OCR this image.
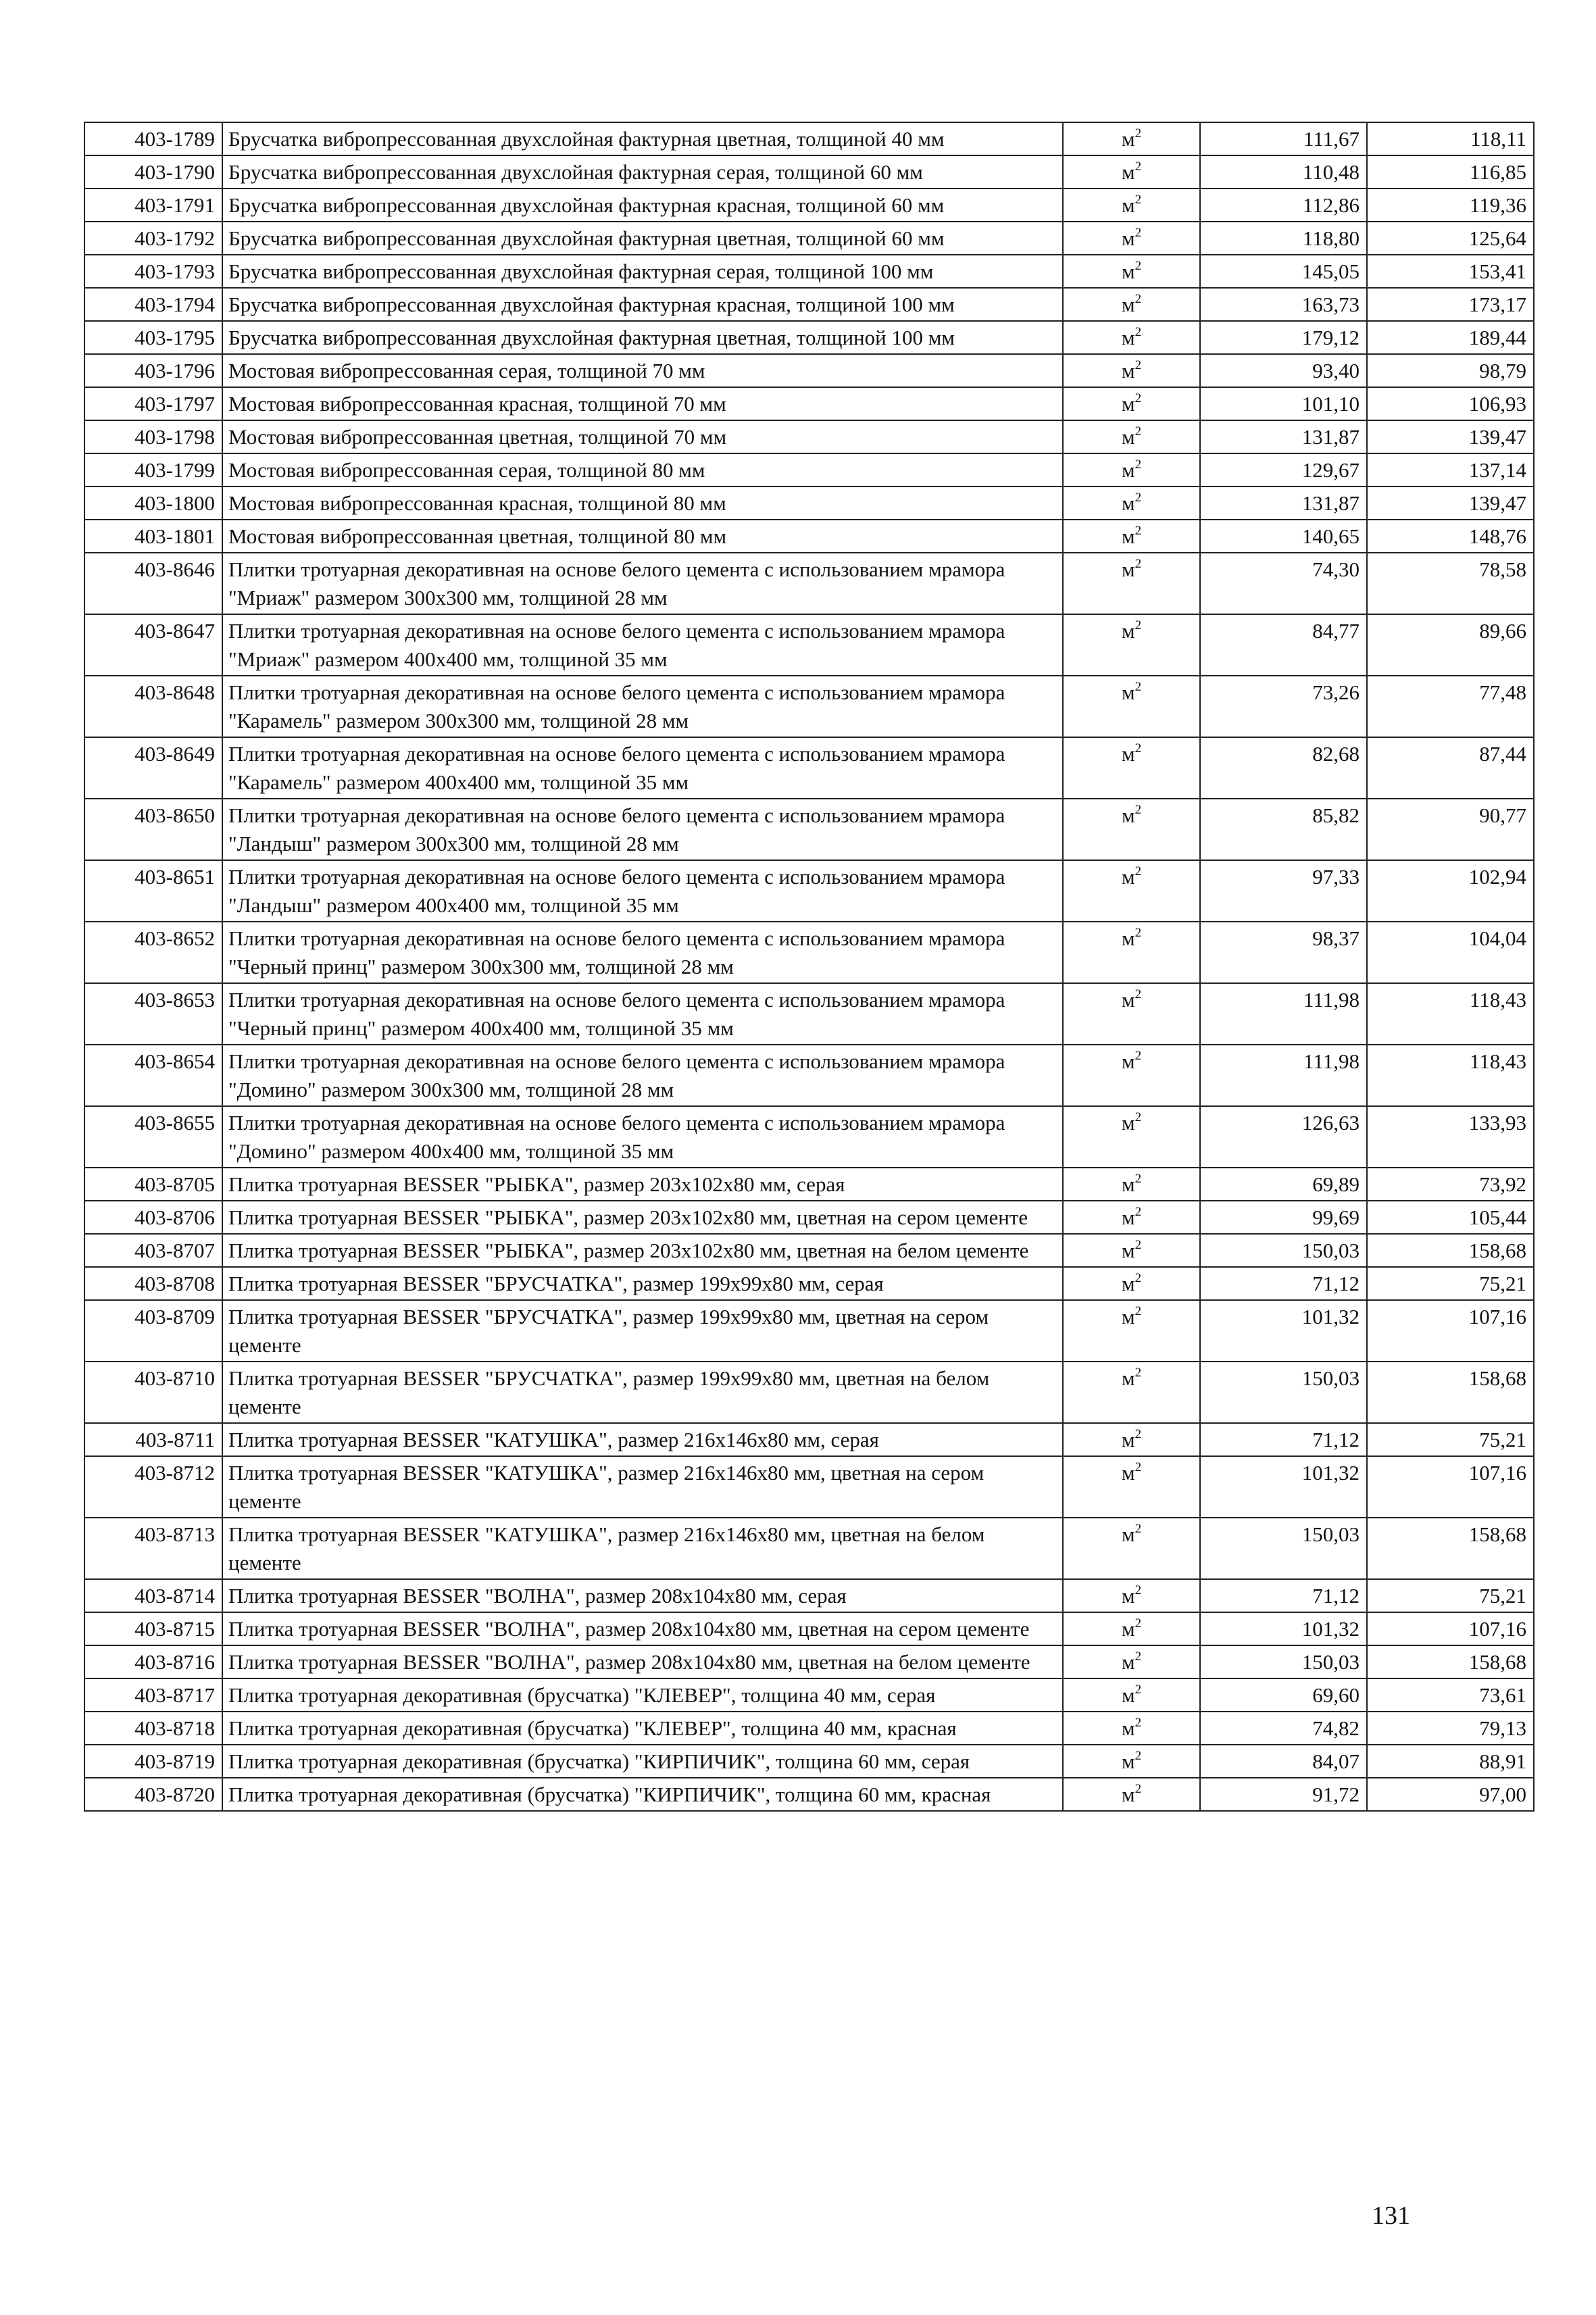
403-1789	Брусчатка вибропрессованная двухслойная фактурная цветная, толщиной 40 мм	$м^2$	111,67	118,11
403-1790	Брусчатка вибропрессованная двухслойная фактурная серая, толщиной 60 мм	$м^2$	110,48	116,85
403-1791	Брусчатка вибропрессованная двухслойная фактурная красная, толщиной 60 мм	$м^2$	112,86	119,36
403-1792	Брусчатка вибропрессованная двухслойная фактурная цветная, толщиной 60 мм	$м^2$	118,80	125,64
403-1793	Брусчатка вибропрессованная двухслойная фактурная серая, толщиной 100 мм	$м^2$	145,05	153,41
403-1794	Брусчатка вибропрессованная двухслойная фактурная красная, толщиной 100 мм	$м^2$	163,73	173,17
403-1795	Брусчатка вибропрессованная двухслойная фактурная цветная, толщиной 100 мм	$м^2$	179,12	189,44
403-1796	Мостовая вибропрессованная серая, толщиной 70 мм	$м^2$	93,40	98,79
403-1797	Мостовая вибропрессованная красная, толщиной 70 мм	$м^2$	101,10	106,93
403-1798	Мостовая вибропрессованная цветная, толщиной 70 мм	$м^2$	131,87	139,47
403-1799	Мостовая вибропрессованная серая, толщиной 80 мм	$м^2$	129,67	137,14
403-1800	Мостовая вибропрессованная красная, толщиной 80 мм	$м^2$	131,87	139,47
403-1801	Мостовая вибропрессованная цветная, толщиной 80 мм	$м^2$	140,65	148,76
403-8646	Плитки тротуарная декоративная на основе белого цемента с использованием мрамора "Мриаж" размером 300х300 мм, толщиной 28 мм	$м^2$	74,30	78,58
403-8647	Плитки тротуарная декоративная на основе белого цемента с использованием мрамора "Мриаж" размером 400х400 мм, толщиной 35 мм	$м^2$	84,77	89,66
403-8648	Плитки тротуарная декоративная на основе белого цемента с использованием мрамора "Карамель" размером 300х300 мм, толщиной 28 мм	$м^2$	73,26	77,48
403-8649	Плитки тротуарная декоративная на основе белого цемента с использованием мрамора "Карамель" размером 400х400 мм, толщиной 35 мм	$м^2$	82,68	87,44
403-8650	Плитки тротуарная декоративная на основе белого цемента с использованием мрамора "Ландыш" размером 300х300 мм, толщиной 28 мм	$м^2$	85,82	90,77
403-8651	Плитки тротуарная декоративная на основе белого цемента с использованием мрамора "Ландыш" размером 400х400 мм, толщиной 35 мм	$м^2$	97,33	102,94
403-8652	Плитки тротуарная декоративная на основе белого цемента с использованием мрамора "Черный принц" размером 300х300 мм, толщиной 28 мм	$м^2$	98,37	104,04
403-8653	Плитки тротуарная декоративная на основе белого цемента с использованием мрамора "Черный принц" размером 400х400 мм, толщиной 35 мм	$м^2$	111,98	118,43
403-8654	Плитки тротуарная декоративная на основе белого цемента с использованием мрамора "Домино" размером 300х300 мм, толщиной 28 мм	$м^2$	111,98	118,43
403-8655	Плитки тротуарная декоративная на основе белого цемента с использованием мрамора "Домино" размером 400х400 мм, толщиной 35 мм	$м^2$	126,63	133,93
403-8705	Плитка тротуарная BESSER "РЫБКА", размер 203х102х80 мм, серая	$м^2$	69,89	73,92
403-8706	Плитка тротуарная BESSER "РЫБКА", размер 203х102х80 мм, цветная на сером цементе	$м^2$	99,69	105,44
403-8707	Плитка тротуарная BESSER "РЫБКА", размер 203х102х80 мм, цветная на белом цементе	$м^2$	150,03	158,68
403-8708	Плитка тротуарная BESSER "БРУСЧАТКА", размер 199х99х80 мм, серая	$м^2$	71,12	75,21
403-8709	Плитка тротуарная BESSER "БРУСЧАТКА", размер 199х99х80 мм, цветная на сером цементе	$м^2$	101,32	107,16
403-8710	Плитка тротуарная BESSER "БРУСЧАТКА", размер 199х99х80 мм, цветная на белом цементе	$м^2$	150,03	158,68
403-8711	Плитка тротуарная BESSER "КАТУШКА", размер 216х146х80 мм, серая	$м^2$	71,12	75,21
403-8712	Плитка тротуарная BESSER "КАТУШКА", размер 216х146х80 мм, цветная на сером цементе	$м^2$	101,32	107,16
403-8713	Плитка тротуарная BESSER "КАТУШКА", размер 216х146х80 мм, цветная на белом цементе	$м^2$	150,03	158,68
403-8714	Плитка тротуарная BESSER "ВОЛНА", размер 208х104х80 мм, серая	$м^2$	71,12	75,21
403-8715	Плитка тротуарная BESSER "ВОЛНА", размер 208х104х80 мм, цветная на сером цементе	$м^2$	101,32	107,16
403-8716	Плитка тротуарная BESSER "ВОЛНА", размер 208х104х80 мм, цветная на белом цементе	$м^2$	150,03	158,68
403-8717	Плитка тротуарная декоративная (брусчатка) "КЛЕВЕР", толщина 40 мм, серая	$м^2$	69,60	73,61
403-8718	Плитка тротуарная декоративная (брусчатка) "КЛЕВЕР", толщина 40 мм, красная	$м^2$	74,82	79,13
403-8719	Плитка тротуарная декоративная (брусчатка) "КИРПИЧИК", толщина 60 мм, серая	$м^2$	84,07	88,91
403-8720	Плитка тротуарная декоративная (брусчатка) "КИРПИЧИК", толщина 60 мм, красная	$м^2$	91,72	97,00
131
